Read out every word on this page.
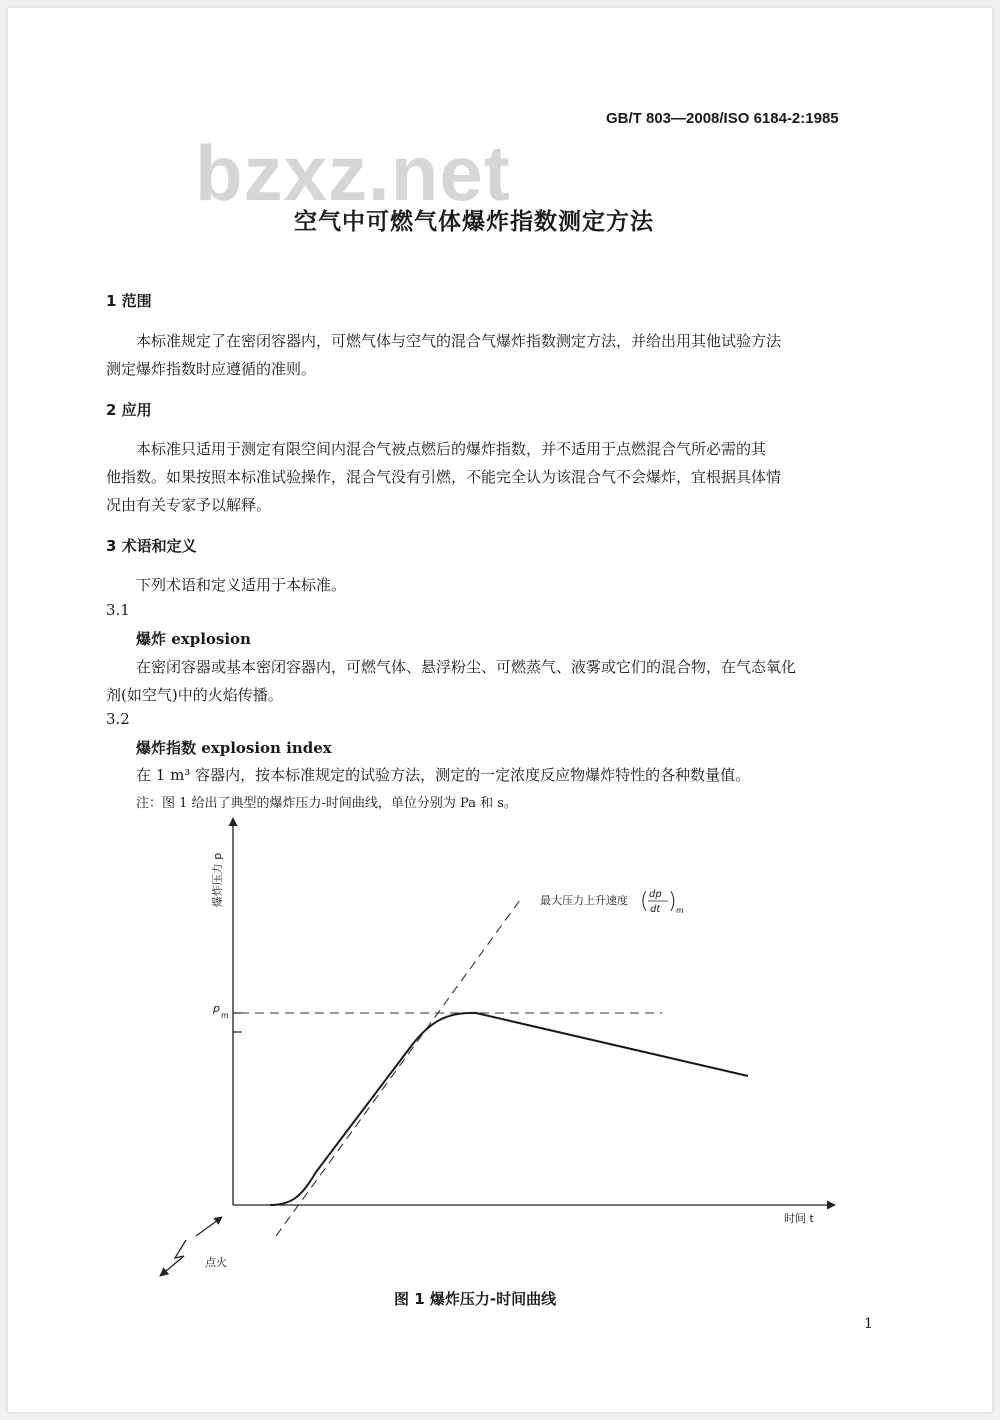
GB/T 803—2008/ISO 6184-2:1985
bzxz.net
空气中可燃气体爆炸指数测定方法
1 范围
本标准规定了在密闭容器内，可燃气体与空气的混合气爆炸指数测定方法，并给出用其他试验方法
测定爆炸指数时应遵循的准则。
2 应用
本标准只适用于测定有限空间内混合气被点燃后的爆炸指数，并不适用于点燃混合气所必需的其
他指数。如果按照本标准试验操作，混合气没有引燃，不能完全认为该混合气不会爆炸，宜根据具体情
况由有关专家予以解释。
3 术语和定义
下列术语和定义适用于本标准。
3.1
爆炸 explosion
在密闭容器或基本密闭容器内，可燃气体、悬浮粉尘、可燃蒸气、液雾或它们的混合物，在气态氧化
剂(如空气)中的火焰传播。
3.2
爆炸指数 explosion index
在 1 m³ 容器内，按本标准规定的试验方法，测定的一定浓度反应物爆炸特性的各种数量值。
注：图 1 给出了典型的爆炸压力-时间曲线，单位分别为 Pa 和 s。
爆炸压力 p
时间 t
p
m
最大压力上升速度 ( dp
dt ) m
点火
图 1 爆炸压力-时间曲线
1
